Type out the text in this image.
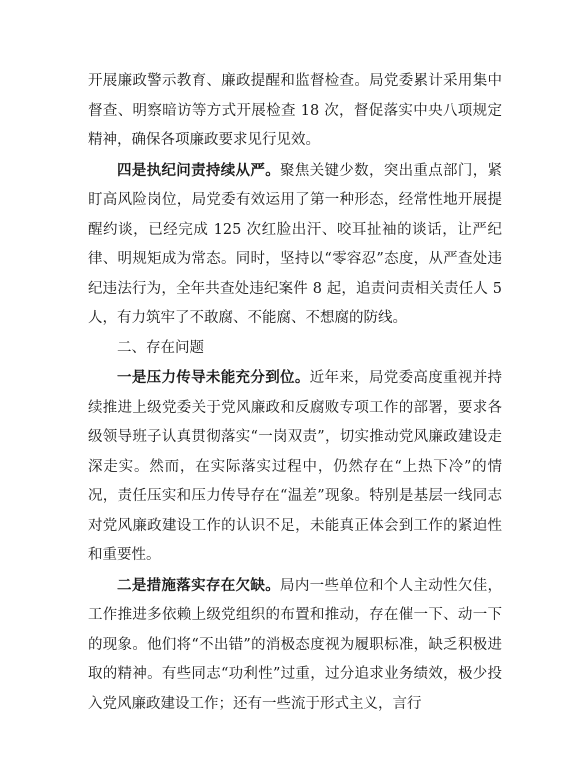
开展廉政警示教育、廉政提醒和监督检查。局党委累计采用集中督查、明察暗访等方式开展检查 18 次，督促落实中央八项规定精神，确保各项廉政要求见行见效。

四是执纪问责持续从严。聚焦关键少数，突出重点部门，紧盯高风险岗位，局党委有效运用了第一种形态，经常性地开展提醒约谈，已经完成 125 次红脸出汗、咬耳扯袖的谈话，让严纪律、明规矩成为常态。同时，坚持以“零容忍”态度，从严查处违纪违法行为，全年共查处违纪案件 8 起，追责问责相关责任人 5 人，有力筑牢了不敢腐、不能腐、不想腐的防线。

二、存在问题

一是压力传导未能充分到位。近年来，局党委高度重视并持续推进上级党委关于党风廉政和反腐败专项工作的部署，要求各级领导班子认真贯彻落实“一岗双责”，切实推动党风廉政建设走深走实。然而，在实际落实过程中，仍然存在“上热下冷”的情况，责任压实和压力传导存在“温差”现象。特别是基层一线同志对党风廉政建设工作的认识不足，未能真正体会到工作的紧迫性和重要性。

二是措施落实存在欠缺。局内一些单位和个人主动性欠佳，工作推进多依赖上级党组织的布置和推动，存在催一下、动一下的现象。他们将“不出错”的消极态度视为履职标准，缺乏积极进取的精神。有些同志“功利性”过重，过分追求业务绩效，极少投入党风廉政建设工作；还有一些流于形式主义，言行
